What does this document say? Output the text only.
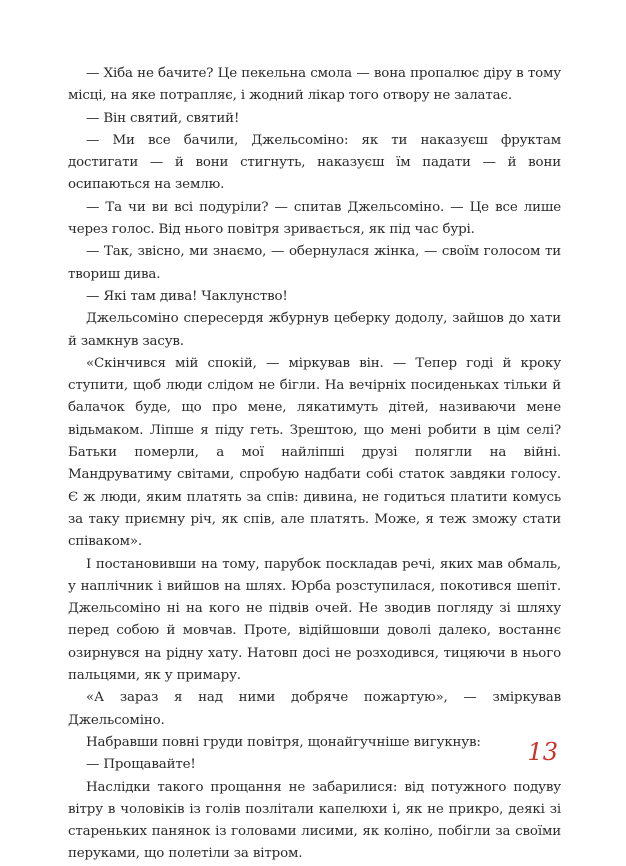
— Хіба не бачите? Це пекельна смола — вона пропалює діру в тому місці, на яке потрапляє, і жодний лікар того отвору не залатає.

— Він святий, святий!

— Ми все бачили, Джельсоміно: як ти наказуєш фруктам достигати — й вони стигнуть, наказуєш їм падати — й вони осипаються на землю.

— Та чи ви всі подуріли? — спитав Джельсоміно. — Це все лише через голос. Від нього повітря зривається, як під час бурі.

— Так, звісно, ми знаємо, — обернулася жінка, — своїм голосом ти твориш дива.

— Які там дива! Чаклунство!

Джельсоміно спересердя жбурнув цеберку додолу, зайшов до хати й замкнув засув.

«Скінчився мій спокій, — міркував він. — Тепер годі й кроку ступити, щоб люди слідом не бігли. На вечірніх посиденьках тільки й балачок буде, що про мене, лякатимуть дітей, називаючи мене відьмаком. Ліпше я піду геть. Зрештою, що мені робити в цім селі? Батьки померли, а мої найліпші друзі полягли на війні. Мандруватиму світами, спробую надбати собі статок завдяки голосу. Є ж люди, яким платять за спів: дивина, не годиться платити комусь за таку приємну річ, як спів, але платять. Може, я теж зможу стати співаком».

І постановивши на тому, парубок поскладав речі, яких мав обмаль, у наплічник і вийшов на шлях. Юрба розступилася, покотився шепіт. Джельсоміно ні на кого не підвів очей. Не зводив погляду зі шляху перед собою й мовчав. Проте, відійшовши доволі далеко, востаннє озирнувся на рідну хату. Натовп досі не розходився, тицяючи в нього пальцями, як у примару.

«А зараз я над ними добряче пожартую», — зміркував Джельсоміно.

Набравши повні груди повітря, щонайгучніше вигукнув:

— Прощавайте!

Наслідки такого прощання не забарилися: від потужного подуву вітру в чоловіків із голів позлітали капелюхи і, як не прикро, деякі зі стареньких панянок із головами лисими, як коліно, побігли за своїми перуками, що полетіли за вітром.

13
